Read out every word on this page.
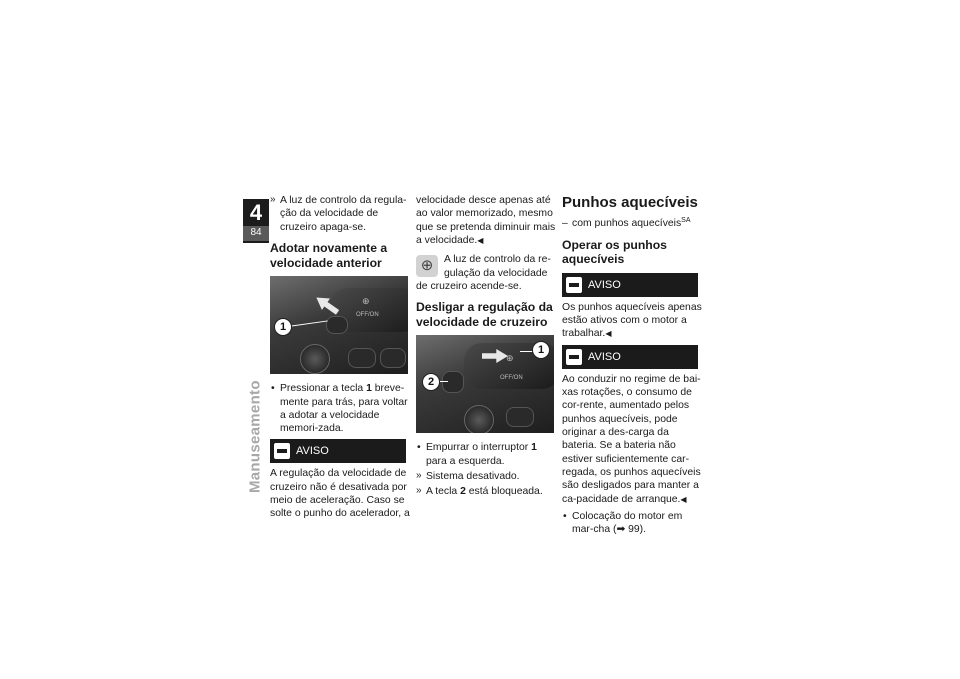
4
84
Manuseamento
» A luz de controlo da regula-ção da velocidade de cruzeiro apaga-se.
Adotar novamente a velocidade anterior
⊕
OFF/ON
1
• Pressionar a tecla 1 breve-mente para trás, para voltar a adotar a velocidade memori-zada.
AVISO

A regulação da velocidade de cruzeiro não é desativada por meio de aceleração. Caso se solte o punho do acelerador, a

velocidade desce apenas até ao valor memorizado, mesmo que se pretenda diminuir mais a velocidade.◀

⊕	A luz de controlo da re-gulação da velocidade de cruzeiro acende-se.
Desligar a regulação da velocidade de cruzeiro
⊕
OFF/ON
1
2
• Empurrar o interruptor 1 para a esquerda.
» Sistema desativado.
» A tecla 2 está bloqueada.
Punhos aquecíveis
– com punhos aquecíveis$^{SA}$
Operar os punhos aquecíveis
AVISO

Os punhos aquecíveis apenas estão ativos com o motor a trabalhar.◀

AVISO

Ao conduzir no regime de bai-xas rotações, o consumo de cor-rente, aumentado pelos punhos aquecíveis, pode originar a des-carga da bateria. Se a bateria não estiver suficientemente car-regada, os punhos aquecíveis são desligados para manter a ca-pacidade de arranque.◀

• Colocação do motor em mar-cha (➡ 99).
